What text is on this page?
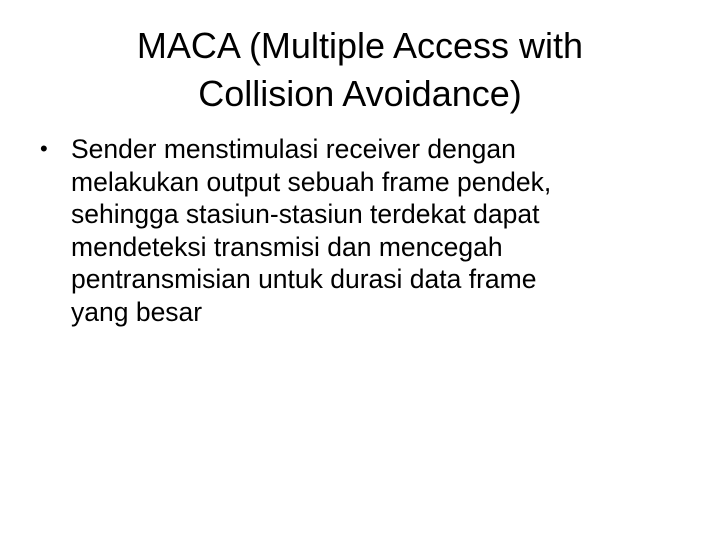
MACA (Multiple Access with
Collision Avoidance)
• Sender menstimulasi receiver dengan
melakukan output sebuah frame pendek,
sehingga stasiun-stasiun terdekat dapat
mendeteksi transmisi dan mencegah
pentransmisian untuk durasi data frame
yang besar
